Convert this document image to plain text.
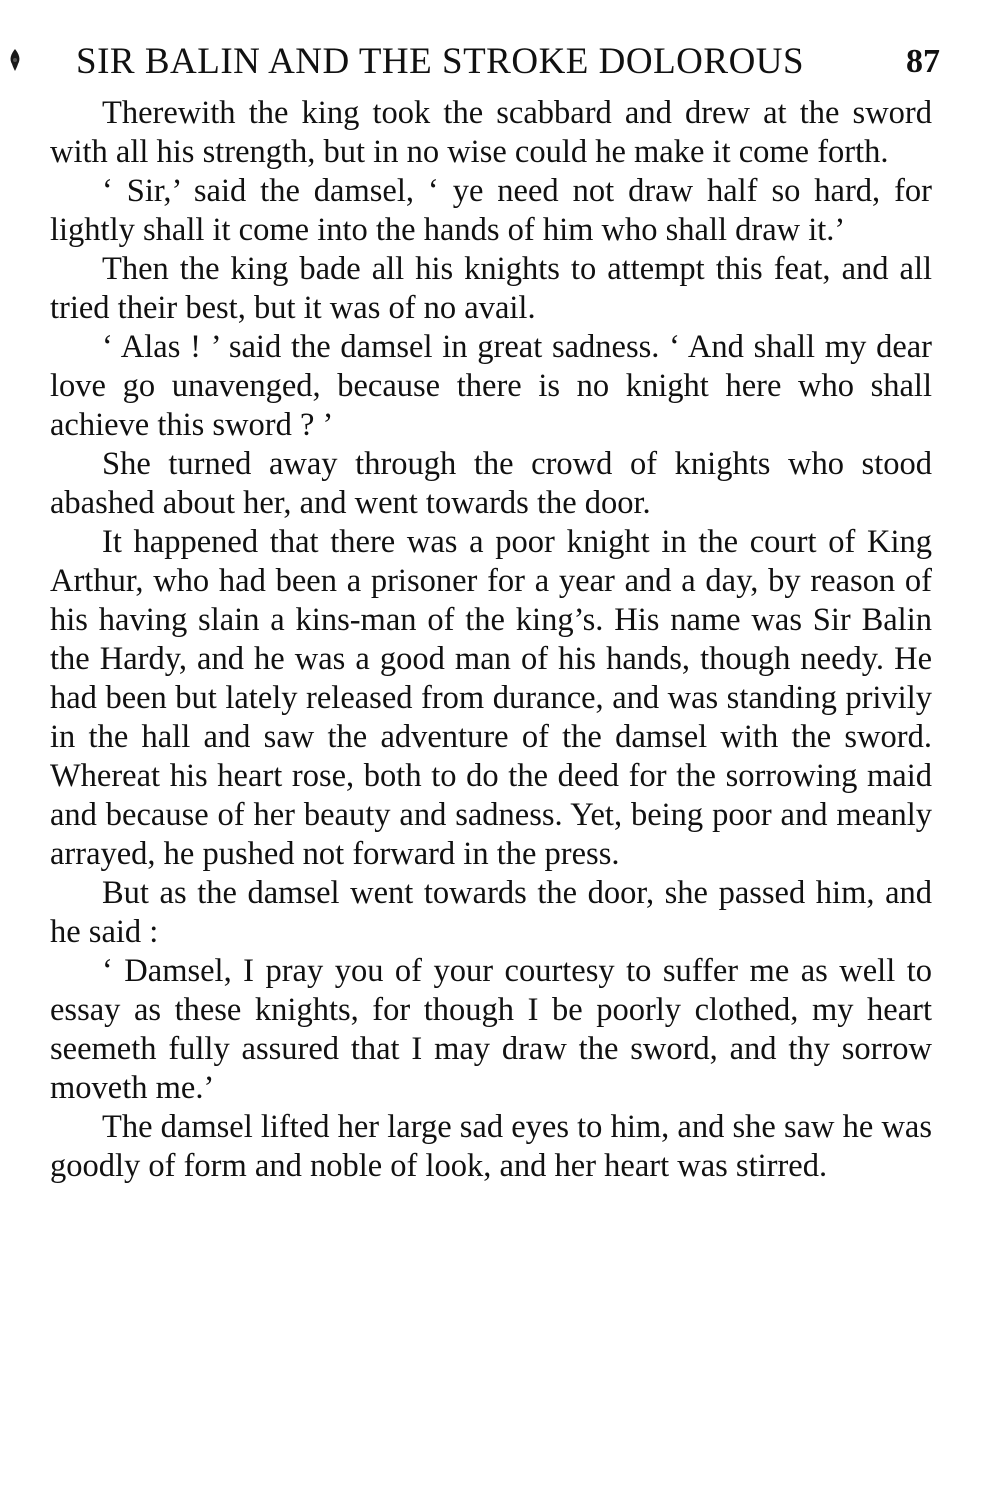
SIR BALIN AND THE STROKE DOLOROUS	87

Therewith the king took the scabbard and drew at the sword with all his strength, but in no wise could he make it come forth.

‘ Sir,’ said the damsel, ‘ ye need not draw half so hard, for lightly shall it come into the hands of him who shall draw it.’

Then the king bade all his knights to attempt this feat, and all tried their best, but it was of no avail.

‘ Alas ! ’ said the damsel in great sadness. ‘ And shall my dear love go unavenged, because there is no knight here who shall achieve this sword ? ’

She turned away through the crowd of knights who stood abashed about her, and went towards the door.

It happened that there was a poor knight in the court of King Arthur, who had been a prisoner for a year and a day, by reason of his having slain a kins-man of the king’s. His name was Sir Balin the Hardy, and he was a good man of his hands, though needy. He had been but lately released from durance, and was standing privily in the hall and saw the adventure of the damsel with the sword. Whereat his heart rose, both to do the deed for the sorrowing maid and because of her beauty and sadness. Yet, being poor and meanly arrayed, he pushed not forward in the press.

But as the damsel went towards the door, she passed him, and he said :

‘ Damsel, I pray you of your courtesy to suffer me as well to essay as these knights, for though I be poorly clothed, my heart seemeth fully assured that I may draw the sword, and thy sorrow moveth me.’

The damsel lifted her large sad eyes to him, and she saw he was goodly of form and noble of look, and her heart was stirred.
